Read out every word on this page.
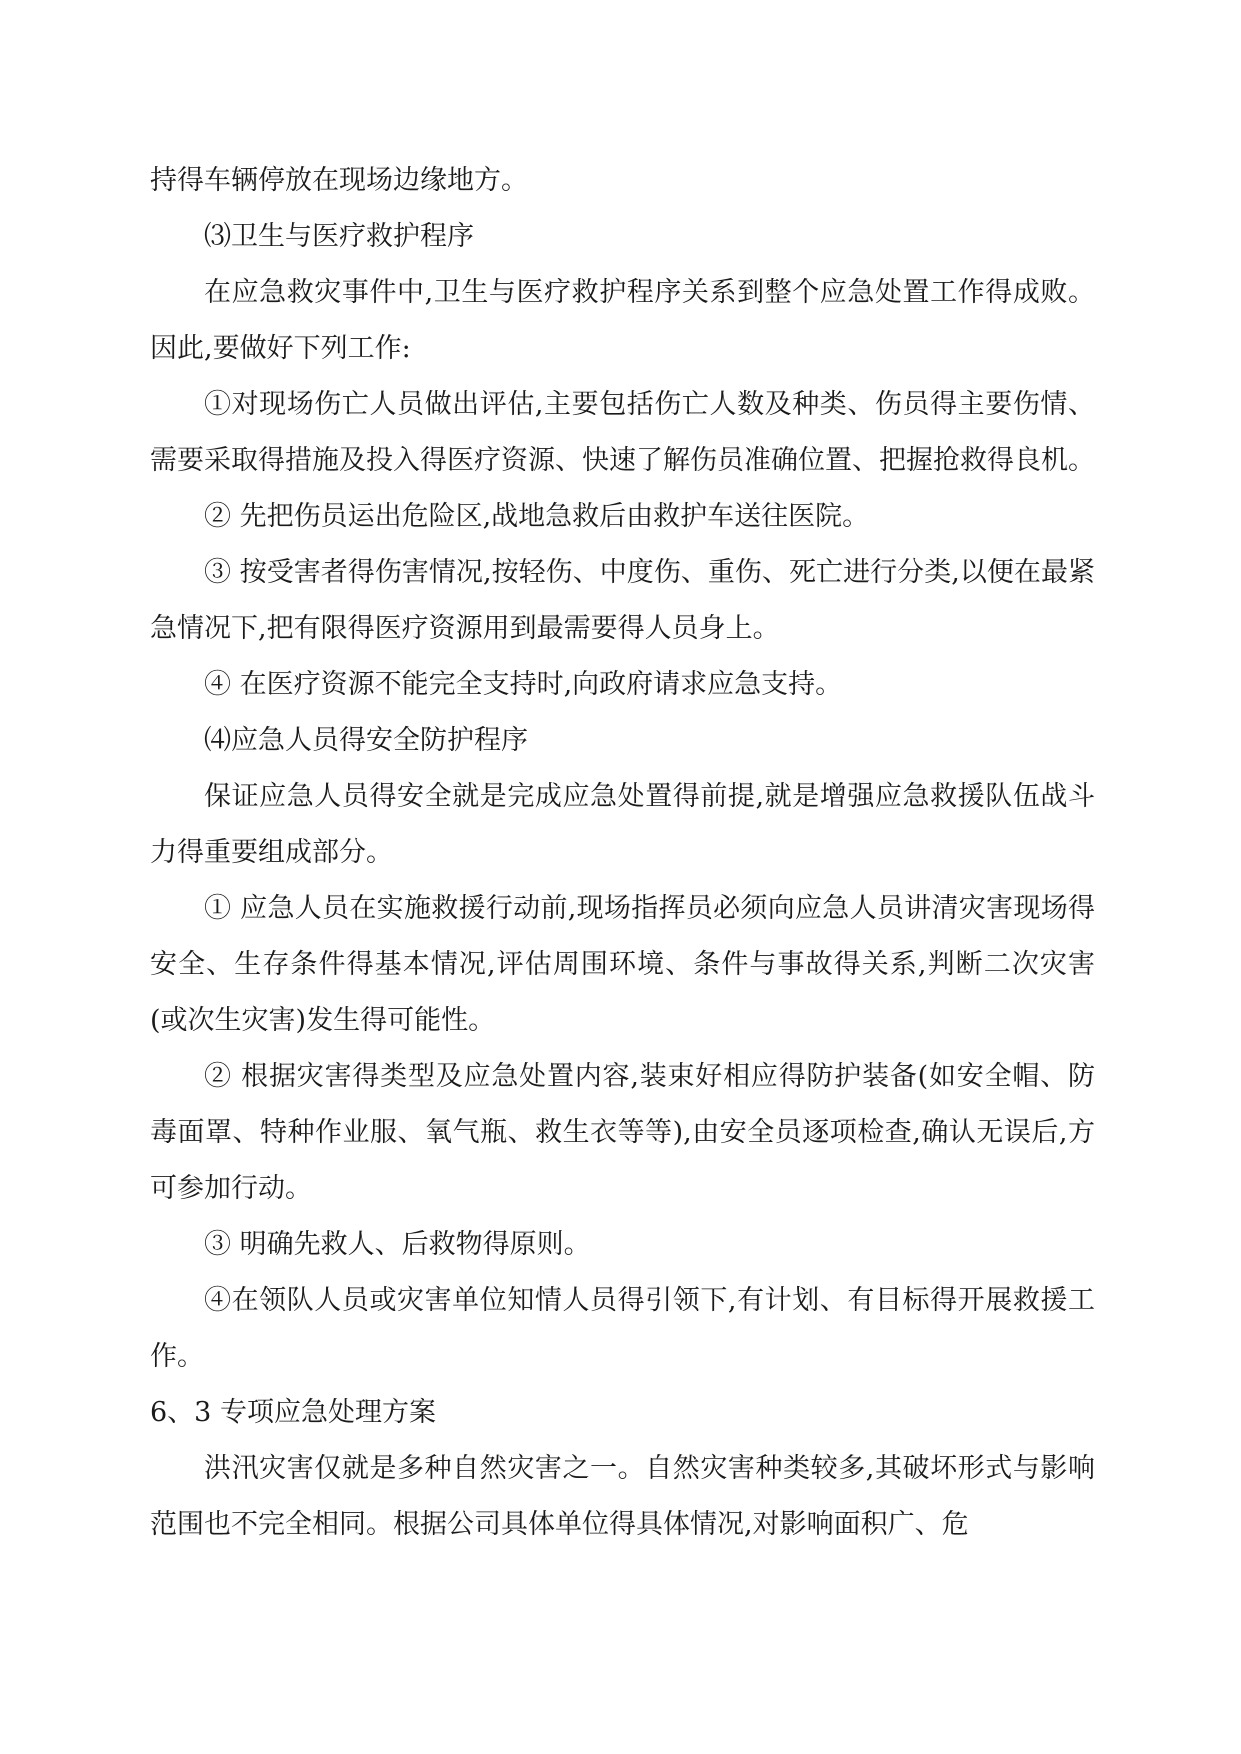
持得车辆停放在现场边缘地方。

⑶卫生与医疗救护程序

在应急救灾事件中,卫生与医疗救护程序关系到整个应急处置工作得成败。因此,要做好下列工作:

①对现场伤亡人员做出评估,主要包括伤亡人数及种类、伤员得主要伤情、需要采取得措施及投入得医疗资源、快速了解伤员准确位置、把握抢救得良机。

② 先把伤员运出危险区,战地急救后由救护车送往医院。

③ 按受害者得伤害情况,按轻伤、中度伤、重伤、死亡进行分类,以便在最紧急情况下,把有限得医疗资源用到最需要得人员身上。

④ 在医疗资源不能完全支持时,向政府请求应急支持。

⑷应急人员得安全防护程序

保证应急人员得安全就是完成应急处置得前提,就是增强应急救援队伍战斗力得重要组成部分。

① 应急人员在实施救援行动前,现场指挥员必须向应急人员讲清灾害现场得安全、生存条件得基本情况,评估周围环境、条件与事故得关系,判断二次灾害(或次生灾害)发生得可能性。

② 根据灾害得类型及应急处置内容,装束好相应得防护装备(如安全帽、防毒面罩、特种作业服、氧气瓶、救生衣等等),由安全员逐项检查,确认无误后,方可参加行动。

③ 明确先救人、后救物得原则。

④在领队人员或灾害单位知情人员得引领下,有计划、有目标得开展救援工作。

6、3 专项应急处理方案

洪汛灾害仅就是多种自然灾害之一。自然灾害种类较多,其破坏形式与影响范围也不完全相同。根据公司具体单位得具体情况,对影响面积广、危
